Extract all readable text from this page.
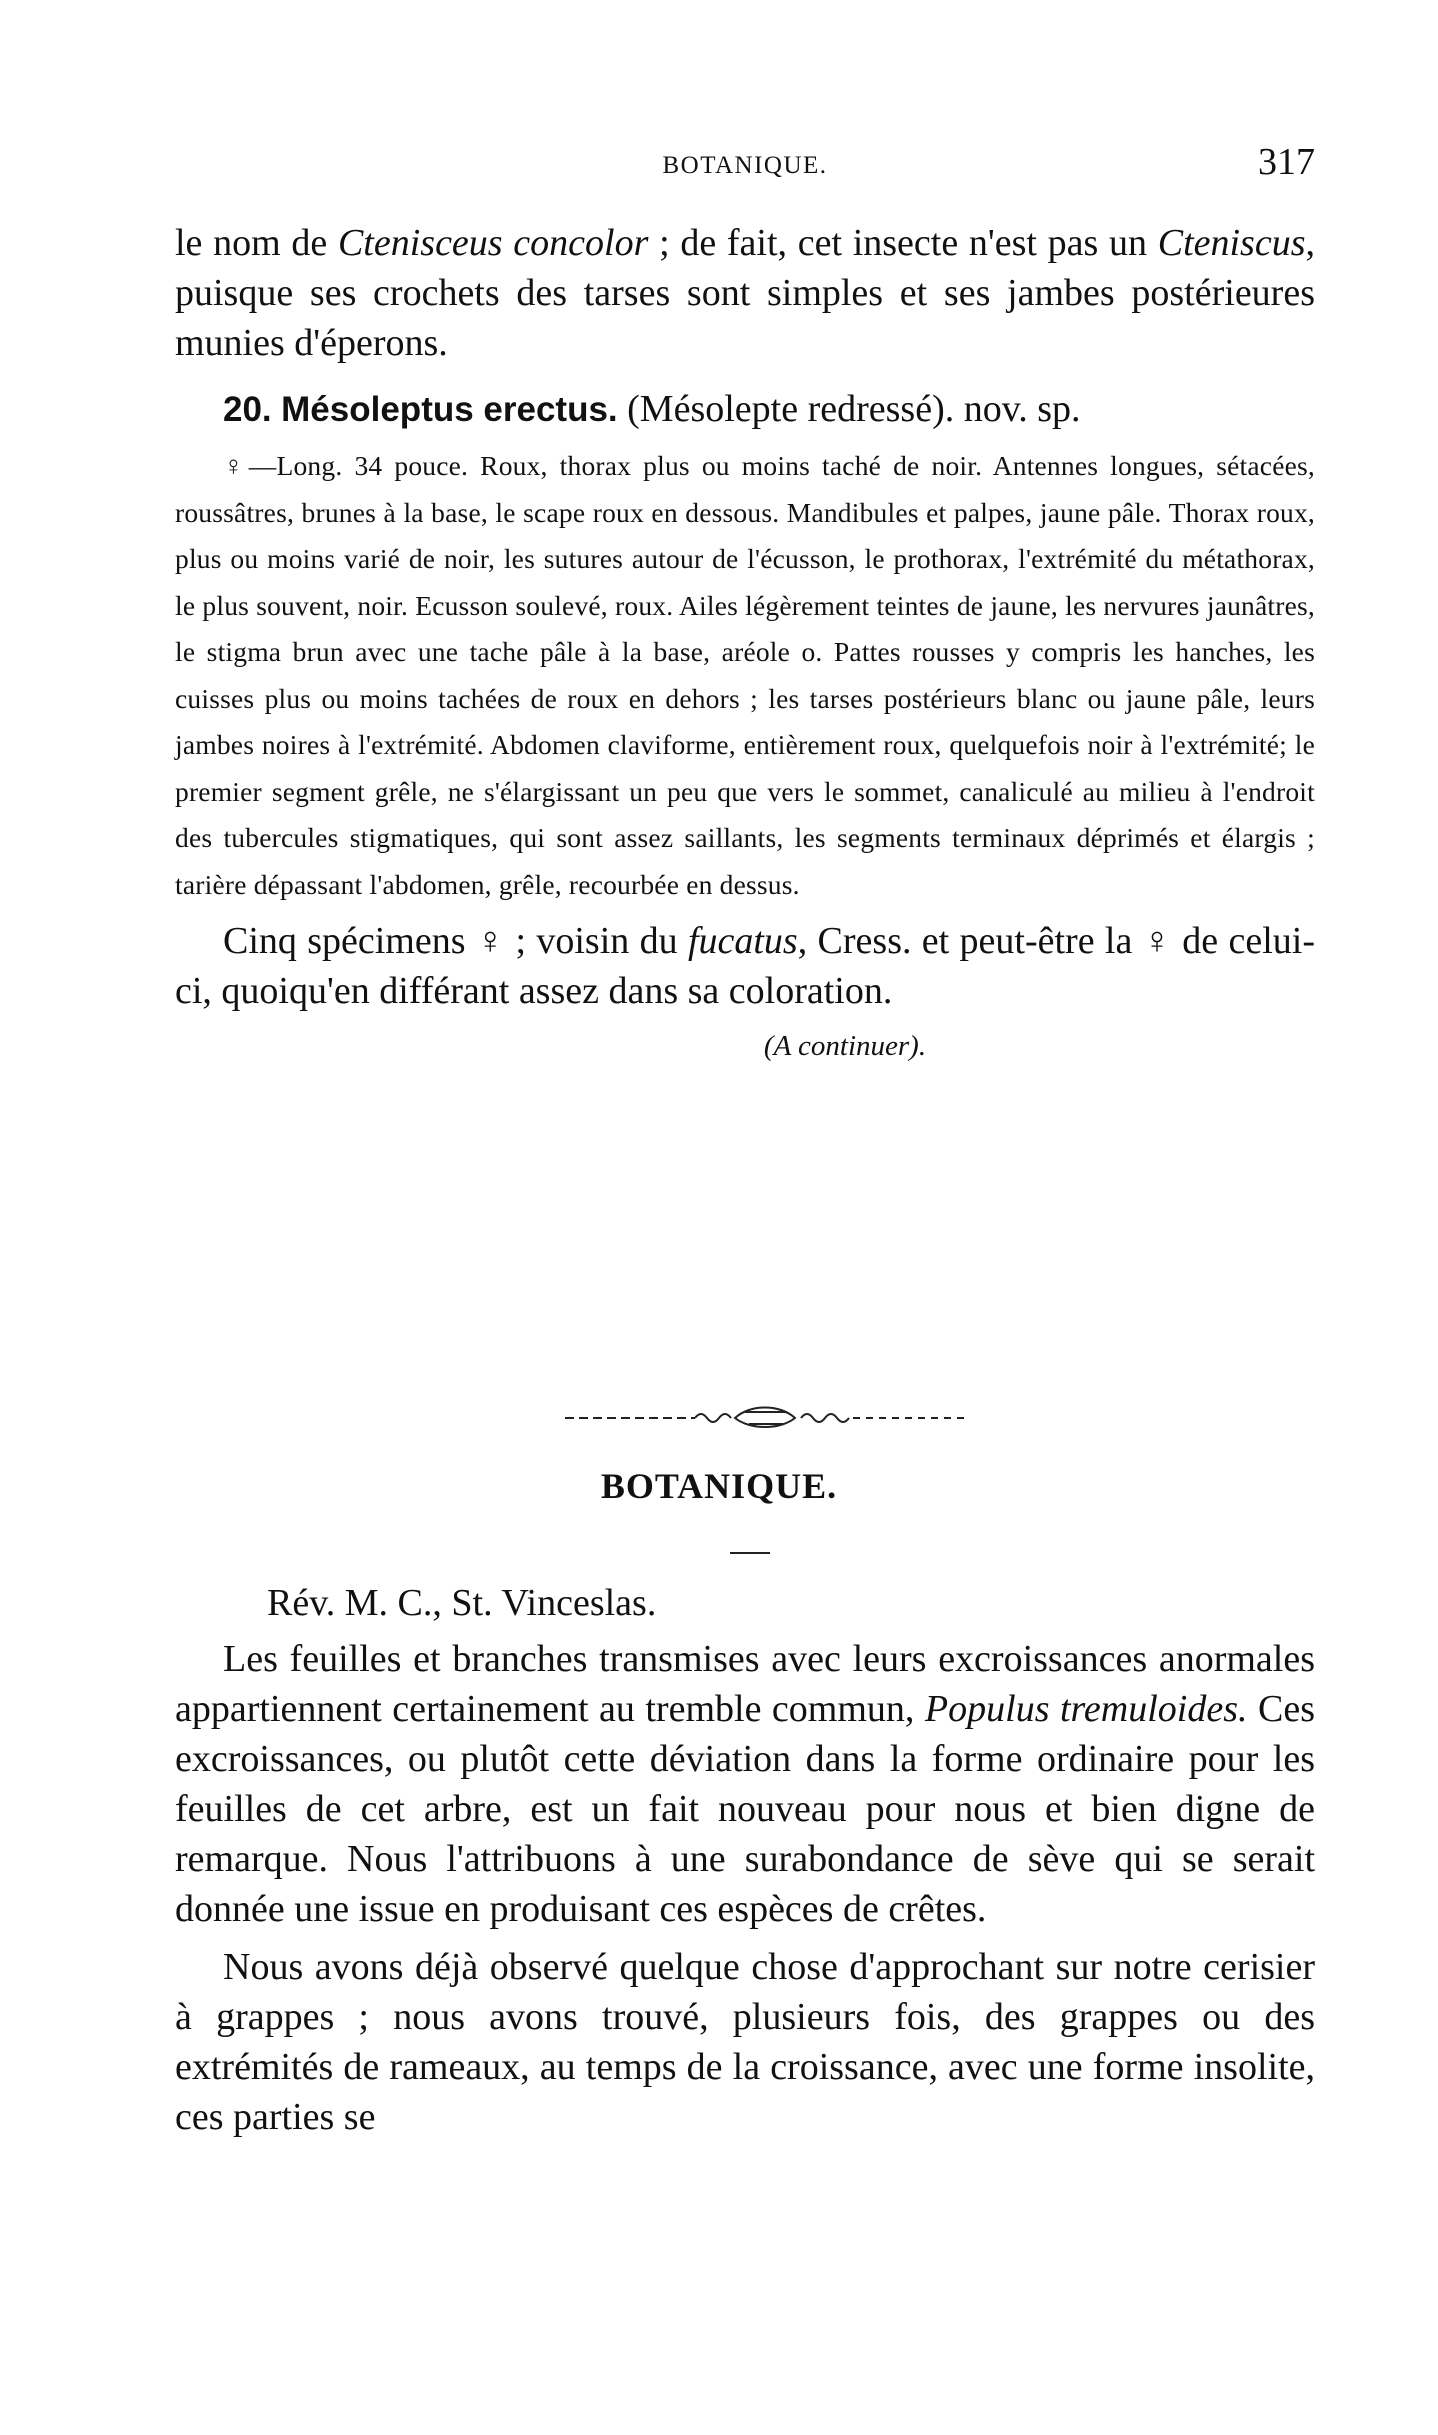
BOTANIQUE.	317

le nom de Ctenisceus concolor ; de fait, cet insecte n'est pas un Cteniscus, puisque ses crochets des tarses sont simples et ses jambes postérieures munies d'éperons.

20. Mésoleptus erectus. (Mésolepte redressé). nov. sp.

♀—Long. 34 pouce. Roux, thorax plus ou moins taché de noir. Antennes longues, sétacées, roussâtres, brunes à la base, le scape roux en dessous. Mandibules et palpes, jaune pâle. Thorax roux, plus ou moins varié de noir, les sutures autour de l'écusson, le prothorax, l'extrémité du métathorax, le plus souvent, noir. Ecusson soulevé, roux. Ailes légèrement teintes de jaune, les nervures jaunâtres, le stigma brun avec une tache pâle à la base, aréole o. Pattes rousses y compris les hanches, les cuisses plus ou moins tachées de roux en dehors ; les tarses postérieurs blanc ou jaune pâle, leurs jambes noires à l'extrémité. Abdomen claviforme, entièrement roux, quelquefois noir à l'extrémité; le premier segment grêle, ne s'élargissant un peu que vers le sommet, canaliculé au milieu à l'endroit des tubercules stigmatiques, qui sont assez saillants, les segments terminaux déprimés et élargis ; tarière dépassant l'abdomen, grêle, recourbée en dessus.

Cinq spécimens ♀ ; voisin du fucatus, Cress. et peut-être la ♀ de celui-ci, quoiqu'en différant assez dans sa coloration.

(A continuer).

BOTANIQUE.

Rév. M. C., St. Vinceslas.

Les feuilles et branches transmises avec leurs excroissances anormales appartiennent certainement au tremble commun, Populus tremuloides. Ces excroissances, ou plutôt cette déviation dans la forme ordinaire pour les feuilles de cet arbre, est un fait nouveau pour nous et bien digne de remarque. Nous l'attribuons à une surabondance de sève qui se serait donnée une issue en produisant ces espèces de crêtes.

Nous avons déjà observé quelque chose d'approchant sur notre cerisier à grappes ; nous avons trouvé, plusieurs fois, des grappes ou des extrémités de rameaux, au temps de la croissance, avec une forme insolite, ces parties se
